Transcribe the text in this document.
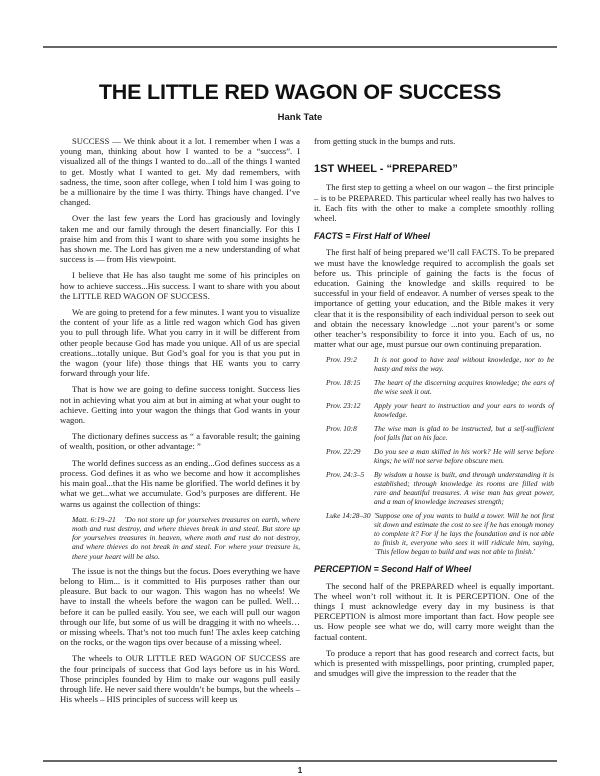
THE LITTLE RED WAGON OF SUCCESS
Hank Tate

SUCCESS — We think about it a lot. I remember when I was a young man, thinking about how I wanted to be a “success”. I visualized all of the things I wanted to do...all of the things I wanted to get. Mostly what I wanted to get. My dad remembers, with sadness, the time, soon after college, when I told him I was going to be a millionaire by the time I was thirty. Things have changed. I’ve changed.

Over the last few years the Lord has graciously and lovingly taken me and our family through the desert financially. For this I praise him and from this I want to share with you some insights he has shown me. The Lord has given me a new understanding of what success is — from His viewpoint.

I believe that He has also taught me some of his principles on how to achieve success...His success. I want to share with you about the LITTLE RED WAGON OF SUCCESS.

We are going to pretend for a few minutes. I want you to visualize the content of your life as a little red wagon which God has given you to pull through life. What you carry in it will be different from other people because God has made you unique. All of us are special creations...totally unique. But God’s goal for you is that you put in the wagon (your life) those things that HE wants you to carry forward through your life.

That is how we are going to define success tonight. Success lies not in achieving what you aim at but in aiming at what your ought to achieve. Getting into your wagon the things that God wants in your wagon.

The dictionary defines success as “ a favorable result; the gaining of wealth, position, or other advantage: ”

The world defines success as an ending...God defines success as a process. God defines it as who we become and how it accomplishes his main goal...that the His name be glorified. The world defines it by what we get...what we accumulate. God’s purposes are different. He warns us against the collection of things:

Matt. 6:19–21 'Do not store up for yourselves treasures on earth, where moth and rust destroy, and where thieves break in and steal. But store up for yourselves treasures in heaven, where moth and rust do not destroy, and where thieves do not break in and steal. For where your treasure is, there your heart will be also.

The issue is not the things but the focus. Does everything we have belong to Him... is it committed to His purposes rather than our pleasure. But back to our wagon. This wagon has no wheels! We have to install the wheels before the wagon can be pulled. Well…before it can be pulled easily. You see, we each will pull our wagon through our life, but some of us will be dragging it with no wheels…or missing wheels. That’s not too much fun! The axles keep catching on the rocks, or the wagon tips over because of a missing wheel.

The wheels to OUR LITTLE RED WAGON OF SUCCESS are the four principals of success that God lays before us in his Word. Those principles founded by Him to make our wagons pull easily through life. He never said there wouldn’t be bumps, but the wheels – His wheels – HIS principles of success will keep us

from getting stuck in the bumps and ruts.

1ST WHEEL - “PREPARED”

The first step to getting a wheel on our wagon – the first principle – is to be PREPARED. This particular wheel really has two halves to it. Each fits with the other to make a complete smoothly rolling wheel.

FACTS = First Half of Wheel

The first half of being prepared we’ll call FACTS. To be prepared we must have the knowledge required to accomplish the goals set before us. This principle of gaining the facts is the focus of education. Gaining the knowledge and skills required to be successful in your field of endeavor. A number of verses speak to the importance of getting your education, and the Bible makes it very clear that it is the responsibility of each individual person to seek out and obtain the necessary knowledge ...not your parent’s or some other teacher’s responsibility to force it into you. Each of us, no matter what our age, must pursue our own continuing preparation.

Prov. 19:2	It is not good to have zeal without knowledge, nor to be hasty and miss the way.
Prov. 18:15	The heart of the discerning acquires knowledge; the ears of the wise seek it out.
Prov. 23:12	Apply your heart to instruction and your ears to words of knowledge.
Prov. 10:8	The wise man is glad to be instructed, but a self-sufficient fool falls flat on his face.
Prov. 22:29	Do you see a man skilled in his work? He will serve before kings; he will not serve before obscure men.
Prov. 24:3–5	By wisdom a house is built, and through understanding it is established; through knowledge its rooms are filled with rare and beautiful treasures. A wise man has great power, and a man of knowledge increases strength;
Luke 14:28–30 'Suppose one of you wants to build a tower. Will he not first sit down and estimate the cost to see if he has enough money to complete it? For if he lays the foundation and is not able to finish it, everyone who sees it will ridicule him, saying, `This fellow began to build and was not able to finish.'
PERCEPTION = Second Half of Wheel

The second half of the PREPARED wheel is equally important. The wheel won’t roll without it. It is PERCEPTION. One of the things I must acknowledge every day in my business is that PERCEPTION is almost more important than fact. How people see us. How people see what we do, will carry more weight than the factual content.

To produce a report that has good research and correct facts, but which is presented with misspellings, poor printing, crumpled paper, and smudges will give the impression to the reader that the

1
